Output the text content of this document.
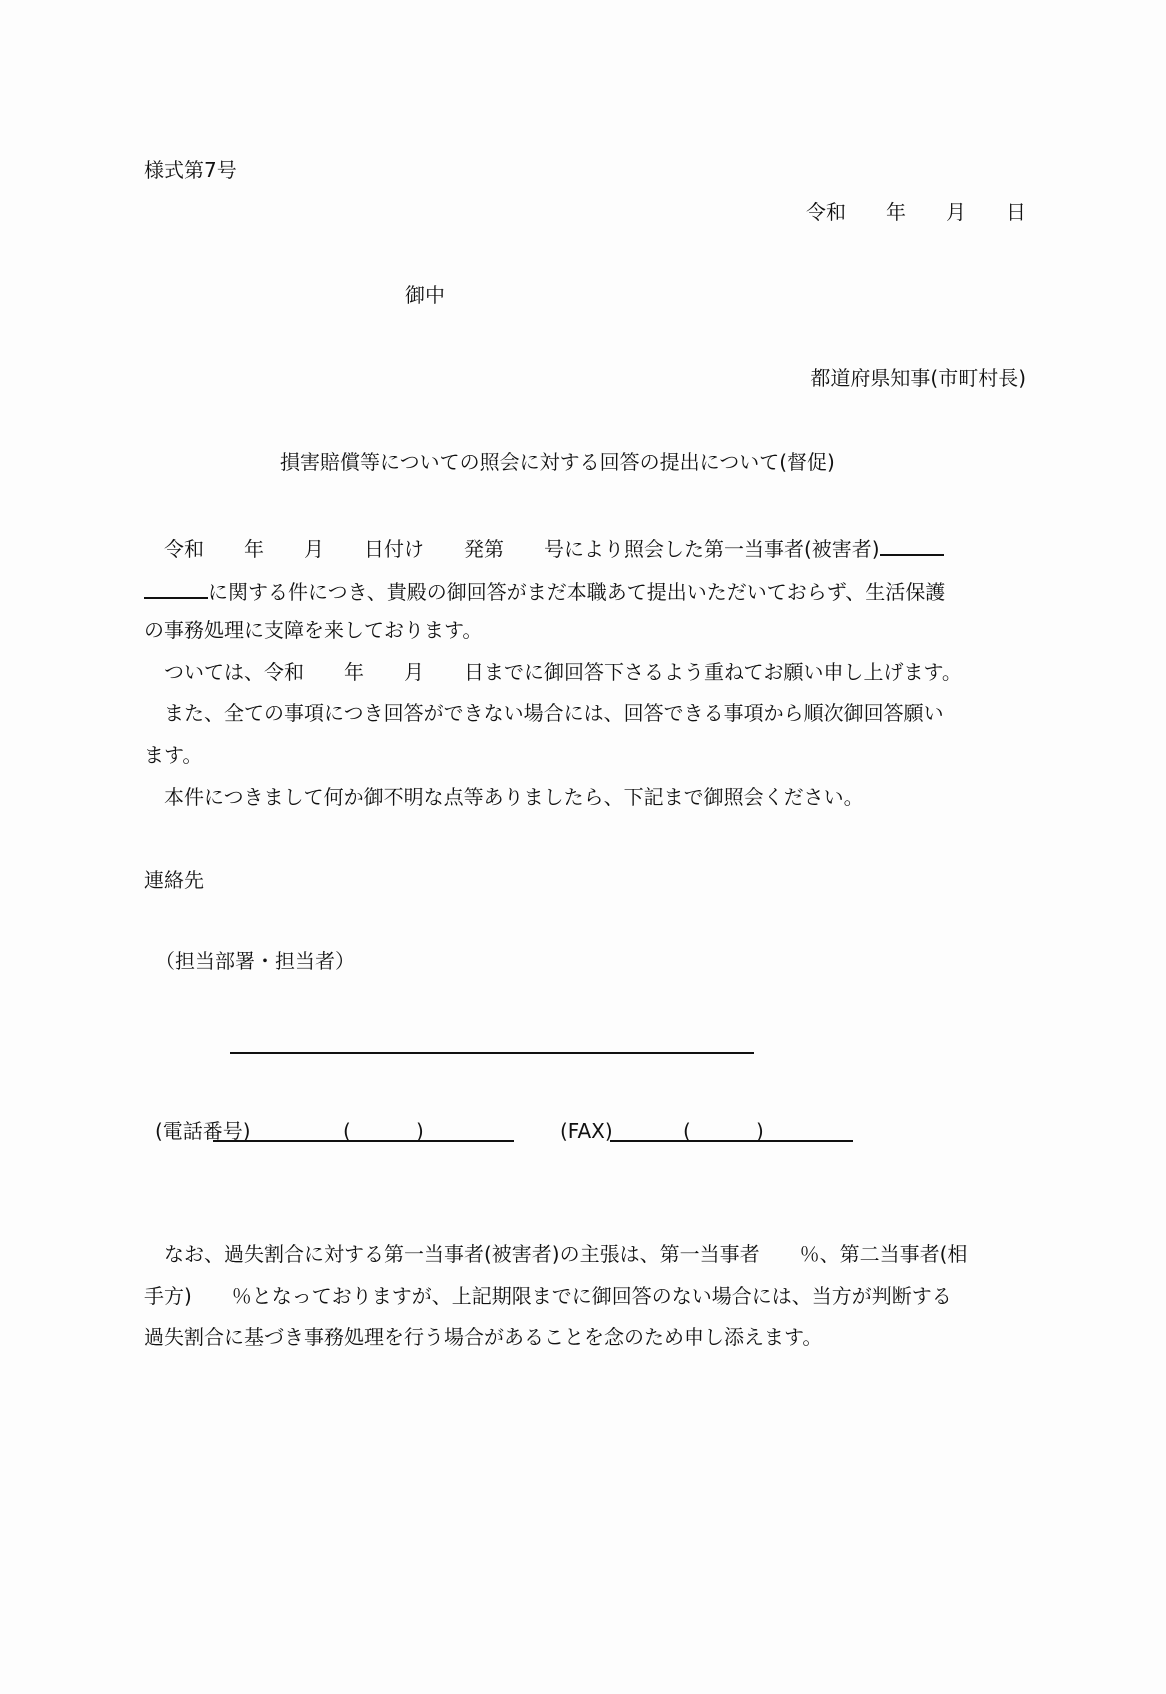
様式第7号
令和　　年　　月　　日
御中
都道府県知事(市町村長)
損害賠償等についての照会に対する回答の提出について(督促)
　令和　　年　　月　　日付け　　発第　　号により照会した第一当事者(被害者)
に関する件につき、貴殿の御回答がまだ本職あて提出いただいておらず、生活保護
の事務処理に支障を来しております。
　ついては、令和　　年　　月　　日までに御回答下さるよう重ねてお願い申し上げます。
　また、全ての事項につき回答ができない場合には、回答できる事項から順次御回答願い
ます。
　本件につきまして何か御不明な点等ありましたら、下記まで御照会ください。
連絡先
（担当部署・担当者）
(電話番号)	(	)	(FAX)	(	)
　なお、過失割合に対する第一当事者(被害者)の主張は、第一当事者　　％、第二当事者(相
手方)　　％となっておりますが、上記期限までに御回答のない場合には、当方が判断する
過失割合に基づき事務処理を行う場合があることを念のため申し添えます。
